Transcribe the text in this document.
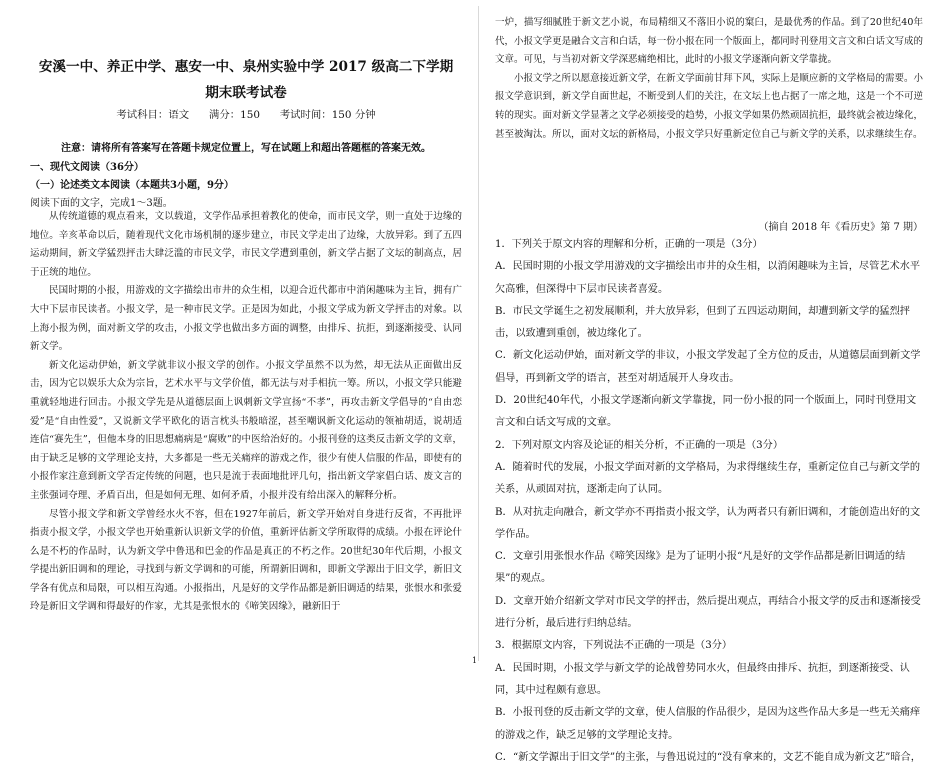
安溪一中、养正中学、惠安一中、泉州实验中学 2017 级高二下学期
期末联考试卷
考试科目：语文      满分：150      考试时间：150 分钟
注意：请将所有答案写在答题卡规定位置上，写在试题上和超出答题框的答案无效。
一、现代文阅读（36分）
（一）论述类文本阅读（本题共3小题，9分）
阅读下面的文字，完成1～3题。

从传统道德的观点看来，文以载道，文学作品承担着教化的使命，而市民文学，则一直处于边缘的地位。辛亥革命以后，随着现代文化市场机制的逐步建立，市民文学走出了边缘，大放异彩。到了五四运动期间，新文学猛烈抨击大肆泛滥的市民文学，市民文学遭到重创，新文学占据了文坛的制高点，居于正统的地位。

民国时期的小报，用游戏的文字描绘出市井的众生相，以迎合近代都市中消闲趣味为主旨，拥有广大中下层市民读者。小报文学，是一种市民文学。正是因为如此，小报文学成为新文学抨击的对象。以上海小报为例，面对新文学的攻击，小报文学也做出多方面的调整，由排斥、抗拒，到逐渐接受、认同新文学。

新文化运动伊始，新文学就非议小报文学的创作。小报文学虽然不以为然，却无法从正面做出反击，因为它以娱乐大众为宗旨，艺术水平与文学价值，都无法与对手相抗一筹。所以，小报文学只能避重就轻地进行回击。小报文学先是从道德层面上讽刺新文学宣扬“不孝”，再攻击新文学倡导的“自由恋爱”是“自由性爱”，又说新文学平欧化的语言枕头书般暗涩，甚至嘲讽新文化运动的领袖胡适，说胡适连信“赛先生”，但他本身的旧思想痛病是“腐败”的中医给治好的。小报刊登的这类反击新文学的文章，由于缺乏足够的文学理论支持，大多都是一些无关痛痒的游戏之作，很少有使人信服的作品，即使有的小报作家注意到新文学否定传统的问题，也只是流于表面地批评几句，指出新文学家倡白话、废文言的主张强词夺理、矛盾百出，但是如何无理、如何矛盾，小报并没有给出深入的解释分析。

尽管小报文学和新文学曾经水火不容，但在1927年前后，新文学开始对自身进行反省，不再批评指责小报文学，小报文学也开始重新认识新文学的价值，重新评估新文学所取得的成绩。小报在评论什么是不朽的作品时，认为新文学中鲁迅和巴金的作品是真正的不朽之作。20世纪30年代后期，小报文学提出新旧调和的理论，寻找到与新文学调和的可能，所谓新旧调和，即新文学源出于旧文学，新旧文学各有优点和局限，可以相互沟通。小报指出，凡是好的文学作品都是新旧调适的结果，张恨水和张爱玲是新旧文学调和得最好的作家，尤其是张恨水的《啼笑因缘》，融新旧于

一炉，描写细腻胜于新文艺小说，布局精细又不落旧小说的窠臼，是最优秀的作品。到了20世纪40年代，小报文学更是融合文言和白话，每一份小报在同一个版面上，都同时刊登用文言文和白话文写成的文章。可见，与当初对新文学深恶痛绝相比，此时的小报文学逐渐向新文学靠拢。

小报文学之所以愿意接近新文学，在新文学面前甘拜下风，实际上是顺应新的文学格局的需要。小报文学意识到，新文学自面世起，不断受到人们的关注，在文坛上也占据了一席之地，这是一个不可逆转的现实。面对新文学显著之文学必须接受的趋势，小报文学如果仍然顽固抗拒，最终就会被边缘化，甚至被淘汰。所以，面对文坛的新格局，小报文学只好重新定位自己与新文学的关系，以求继续生存。

（摘自 2018 年《看历史》第 7 期）

1．下列关于原文内容的理解和分析，正确的一项是（3分）

A．民国时期的小报文学用游戏的文字描绘出市井的众生相，以消闲趣味为主旨，尽管艺术水平欠高雅，但深得中下层市民读者喜爱。

B．市民文学诞生之初发展顺利，并大放异彩，但到了五四运动期间，却遭到新文学的猛烈抨击，以致遭到重创，被边缘化了。

C．新文化运动伊始，面对新文学的非议，小报文学发起了全方位的反击，从道德层面到新文学倡导，再到新文学的语言，甚至对胡适展开人身攻击。

D．20世纪40年代，小报文学逐渐向新文学靠拢，同一份小报的同一个版面上，同时刊登用文言文和白话文写成的文章。

2．下列对原文内容及论证的相关分析，不正确的一项是（3分）

A．随着时代的发展，小报文学面对新的文学格局，为求得继续生存，重新定位自己与新文学的关系，从顽固对抗，逐渐走向了认同。

B．从对抗走向融合，新文学亦不再指责小报文学，认为两者只有新旧调和，才能创造出好的文学作品。

C．文章引用张恨水作品《啼笑因缘》是为了证明小报“凡是好的文学作品都是新旧调适的结果”的观点。

D．文章开始介绍新文学对市民文学的抨击，然后提出观点，再结合小报文学的反击和逐渐接受进行分析，最后进行归纳总结。

3．根据原文内容，下列说法不正确的一项是（3分）

A．民国时期，小报文学与新文学的论战曾势同水火，但最终由排斥、抗拒，到逐渐接受、认同，其中过程颇有意思。

B．小报刊登的反击新文学的文章，使人信服的作品很少，是因为这些作品大多是一些无关痛痒的游戏之作，缺乏足够的文学理论支持。

C．“新文学源出于旧文学”的主张，与鲁迅说过的“没有拿来的，文艺不能自成为新文艺”暗合，

1
